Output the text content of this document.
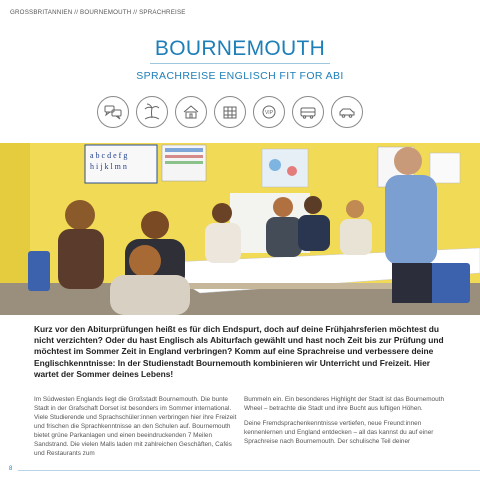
GROSSBRITANNIEN // BOURNEMOUTH // SPRACHREISE
BOURNEMOUTH
SPRACHREISE ENGLISCH FIT FOR ABI
VIP
a b c d e f g
h i j k l m n
Kurz vor den Abiturprüfungen heißt es für dich Endspurt, doch auf deine Frühjahrsferien möchtest du nicht verzichten? Oder du hast Englisch als Abiturfach gewählt und hast noch Zeit bis zur Prüfung und möchtest im Sommer Zeit in England verbringen? Komm auf eine Sprachreise und verbessere deine Englischkenntnisse: In der Studienstadt Bournemouth kombinieren wir Unterricht und Freizeit. Hier wartet der Sommer deines Lebens!

Im Südwesten Englands liegt die Großstadt Bournemouth. Die bunte Stadt in der Grafschaft Dorset ist besonders im Sommer international. Viele Studierende und Sprachschüler:innen verbringen hier ihre Freizeit und frischen die Sprachkenntnisse an den Schulen auf. Bournemouth bietet grüne Parkanlagen und einen beeindruckenden 7 Meilen Sandstrand. Die vielen Malls laden mit zahlreichen Geschäften, Cafés und Restaurants zum

Bummeln ein. Ein besonderes Highlight der Stadt ist das Bournemouth Wheel – betrachte die Stadt und ihre Bucht aus luftigen Höhen.

Deine Fremdsprachenkenntnisse vertiefen, neue Freund:innen kennenlernen und England entdecken – all das kannst du auf einer Sprachreise nach Bournemouth. Der schulische Teil deiner

8
